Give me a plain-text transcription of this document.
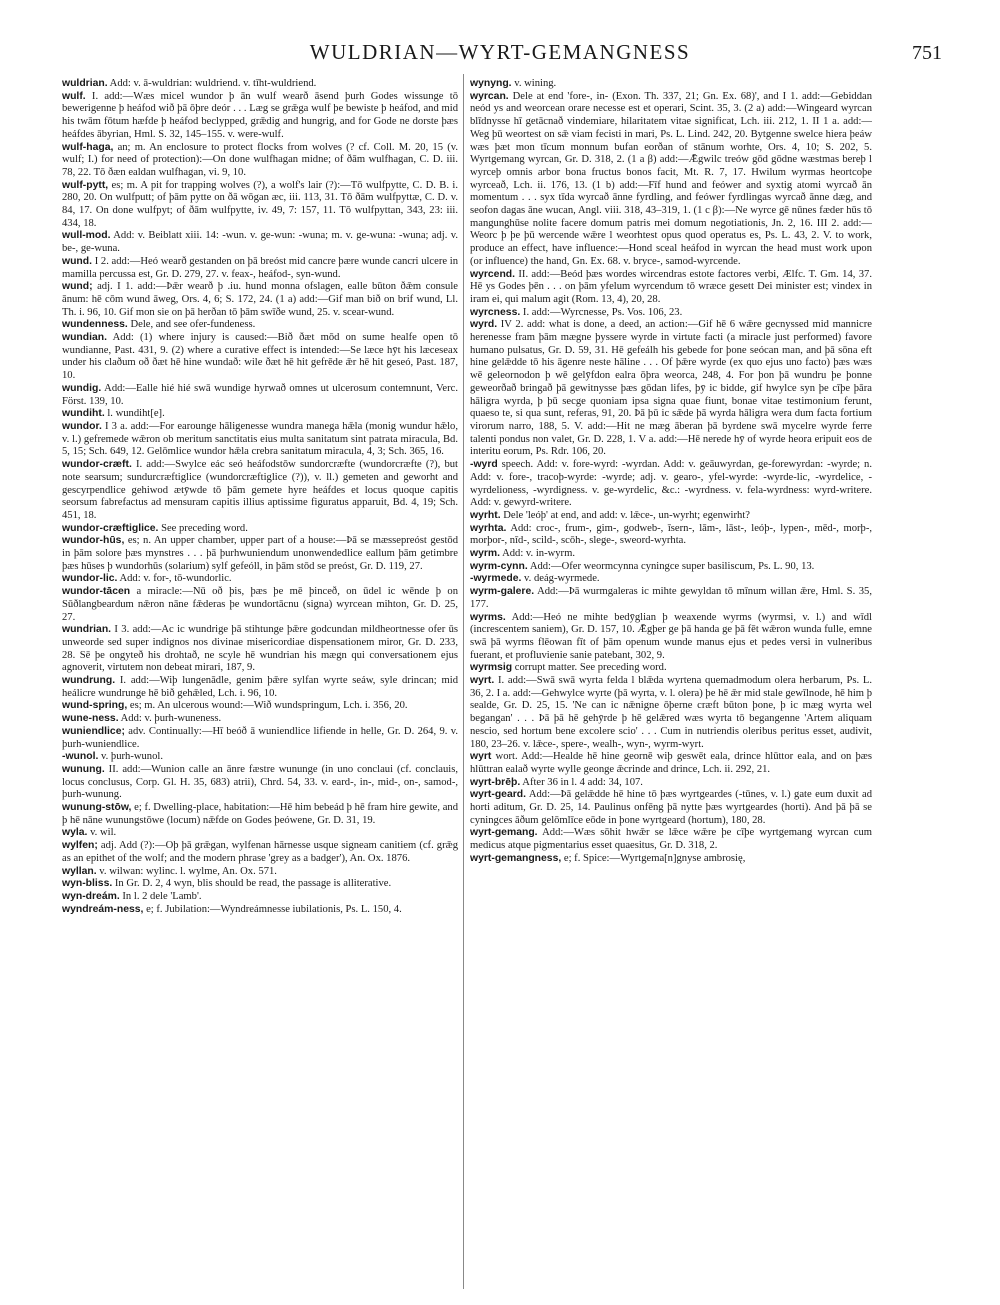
WULDRIAN—WYRT-GEMANGNESS	751
wuldrian. Add: v. ā-wuldrian: wuldriend. v. tīht-wuldriend.
wulf. I. add:—Wæs micel wundor þ ān wulf wearð āsend þurh Godes wissunge tō bewerigenne þ heáfod wið þā ōþre deór . . . Læg se grǣga wulf þe bewiste þ heáfod, and mid his twām fōtum hæfde þ heáfod beclypped, grǣdig and hungrig, and for Gode ne dorste þæs heáfdes ābyrian, Hml. S. 32, 145–155. v. were-wulf.
wulf-haga, an; m. An enclosure to protect flocks from wolves (? cf. Coll. M. 20, 15 (v. wulf; I.) for need of protection):—On done wulfhagan midne; of ðām wulfhagan, C. D. iii. 78, 22. Tō ðæn ealdan wulfhagan, vi. 9, 10.
wulf-pytt, es; m. A pit for trapping wolves (?), a wolf's lair (?):—Tō wulfpytte, C. D. B. i. 280, 20. On wulfputt; of þām pytte on ðā wōgan æc, iii. 113, 31. Tō ðām wulfpyttæ, C. D. v. 84, 17. On done wulfpyt; of ðām wulfpytte, iv. 49, 7: 157, 11. Tō wulfpyttan, 343, 23: iii. 434, 18.
wull-mod. Add: v. Beiblatt xiii. 14: -wun. v. ge-wun: -wuna; m. v. ge-wuna: -wuna; adj. v. be-, ge-wuna.
wund. I 2. add:—Heó wearð gestanden on þā breóst mid cancre þære wunde cancri ulcere in mamilla percussa est, Gr. D. 279, 27. v. feax-, heáfod-, syn-wund.
wund; adj. I 1. add:—Þǣr wearð þ .iu. hund monna ofslagen, ealle būton ðǣm consule ānum: hē cōm wund āweg, Ors. 4, 6; S. 172, 24. (1 a) add:—Gif man bið on brif wund, Ll. Th. i. 96, 10. Gif mon sie on þā herðan tō þām swīðe wund, 25. v. scear-wund.
wundenness. Dele, and see ofer-fundeness.
wundian. Add: (1) where injury is caused:—Bið ðæt mōd on sume healfe open tō wundianne, Past. 431, 9. (2) where a curative effect is intended:—Se læce hȳt his læceseax under his claðum oð ðæt hē hine wundað: wile ðæt hē hit gefrēde ǣr hē hit geseó, Past. 187, 10.
wundig. Add:—Ealle hié hié swā wundige hyrwað omnes ut ulcerosum contemnunt, Verc. Först. 139, 10.
wundiht. l. wundiht[e].
wundor. I 3 a. add:—For earounge hāligenesse wundra manega hǣla (monig wundur hǣlo, v. l.) gefremede wǣron ob meritum sanctitatis eius multa sanitatum sint patrata miracula, Bd. 5, 15; Sch. 649, 12. Gelōmlice wundor hǣla crebra sanitatum miracula, 4, 3; Sch. 365, 16.
wundor-cræft. I. add:—Swylce eác seó heáfodstōw sundorcræfte (wundorcræfte (?), but note searsum; sundurcræftiglice (wundorcræftiglice (?)), v. ll.) gemeten and geworht and gescyrpendlice gehiwod ætȳwde tō þām gemete hyre heáfdes et locus quoque capitis seorsum fabrefactus ad mensuram capitis illius aptissime figuratus apparuit, Bd. 4, 19; Sch. 451, 18.
wundor-cræftiglice. See preceding word.
wundor-hūs, es; n. An upper chamber, upper part of a house:—Þā se mæssepreóst gestōd in þām solore þæs mynstres . . . þā þurhwuniendum unonwendedlice eallum þām getimbre þæs hūses þ wundorhūs (solarium) sylf gefeóll, in þām stōd se preóst, Gr. D. 119, 27.
wundor-lic. Add: v. for-, tō-wundorlic.
wundor-tācen a miracle:—Nū oð þis, þæs þe mē þinceð, on ūdel ic wēnde þ on Sūðlangbeardum nǣron nāne fǣderas þe wundortācnu (signa) wyrcean mihton, Gr. D. 25, 27.
wundrian. I 3. add:—Ac ic wundrige þā stihtunge þǣre godcundan mildheortnesse ofer ūs unweorde sed super indignos nos divinae misericordiae dispensationem miror, Gr. D. 233, 28. Sē þe ongyteð his drohtað, ne scyle hē wundrian his mægn qui conversationem ejus agnoverit, virtutem non debeat mirari, 187, 9.
wundrung. I. add:—Wiþ lungenādle, genim þǣre sylfan wyrte seáw, syle drincan; mid heálicre wundrunge hē bið gehǣled, Lch. i. 96, 10.
wund-spring, es; m. An ulcerous wound:—Wið wundspringum, Lch. i. 356, 20.
wune-ness. Add: v. þurh-wuneness.
wuniendlice; adv. Continually:—Hī beóð ā wuniendlice lifiende in helle, Gr. D. 264, 9. v. þurh-wuniendlice.
-wunol. v. þurh-wunol.
wunung. II. add:—Wunion calle an ānre fæstre wununge (in uno conclaui (cf. conclauis, locus conclusus, Corp. Gl. H. 35, 683) atrii), Chrd. 54, 33. v. eard-, in-, mid-, on-, samod-, þurh-wunung.
wunung-stōw, e; f. Dwelling-place, habitation:—Hē him bebeád þ hē fram hire gewite, and þ hē nāne wunungstōwe (locum) nǣfde on Godes þeówene, Gr. D. 31, 19.
wyla. v. wil.
wylfen; adj. Add (?):—Oþ þā grǣgan, wylfenan hārnesse usque signeam canitiem (cf. grǣg as an epithet of the wolf; and the modern phrase 'grey as a badger'), An. Ox. 1876.
wyllan. v. wilwan: wylinc. l. wylme, An. Ox. 571.
wyn-bliss. In Gr. D. 2, 4 wyn, blis should be read, the passage is alliterative.
wyn-dreám. In l. 2 dele 'Lamb'.
wyndreám-ness, e; f. Jubilation:—Wyndreámnesse iubilationis, Ps. L. 150, 4.
wynyng. v. wining.
wyrcan. Dele at end 'fore-, in- (Exon. Th. 337, 21; Gn. Ex. 68)', and I 1. add:—Gebiddan neód ys and weorcean orare necesse est et operari, Scint. 35, 3. (2 a) add:—Wingeard wyrcan blīdnysse hī getācnað vindemiare, hilaritatem vitae significat, Lch. iii. 212, 1. II 1 a. add:—Weg þū weortest on sǣ viam fecisti in mari, Ps. L. Lind. 242, 20. Bytgenne swelce hiera þeáw wæs þæt mon tīcum monnum bufan eorðan of stānum worhte, Ors. 4, 10; S. 202, 5. Wyrtgemang wyrcan, Gr. D. 318, 2. (1 a β) add:—Ǣgwilc treów gōd gōdne wæstmas bereþ l wyrceþ omnis arbor bona fructus bonos facit, Mt. R. 7, 17. Hwilum wyrmas heortcoþe wyrceað, Lch. ii. 176, 13. (1 b) add:—Fīf hund and feówer and syxtig atomi wyrcað ān momentum . . . syx tīda wyrcað ānne fyrdling, and feówer fyrdlingas wyrcað ānne dæg, and seofon dagas āne wucan, Angl. viii. 318, 43–319, 1. (1 c β):—Ne wyrce gē nūnes fæder hūs tō mangunghūse nolite facere domum patris mei domum negotiationis, Jn. 2, 16. III 2. add:—Weorc þ þe þū wercende wǣre l weorhtest opus quod operatus es, Ps. L. 43, 2. V. to work, produce an effect, have influence:—Hond sceal heáfod in wyrcan the head must work upon (or influence) the hand, Gn. Ex. 68. v. bryce-, samod-wyrcende.
wyrcend. II. add:—Beód þæs wordes wircendras estote factores verbi, Ælfc. T. Gm. 14, 37. Hē ys Godes þēn . . . on þām yfelum wyrcendum tō wræce gesett Dei minister est; vindex in iram ei, qui malum agit (Rom. 13, 4), 20, 28.
wyrcness. I. add:—Wyrcnesse, Ps. Vos. 106, 23.
wyrd. IV 2. add: what is done, a deed, an action:—Gif hē 6 wǣre gecnyssed mid mannicre herenesse fram þām mægne þyssere wyrde in virtute facti (a miracle just performed) favore humano pulsatus, Gr. D. 59, 31. Hē gefeálh his gebede for þone seócan man, and þā sōna eft hine gelǣdde tō his āgenre neste hāline . . . Of þǣre wyrde (ex quo ejus uno facto) þæs wæs wē geleornodon þ wē gelȳfdon ealra ōþra weorca, 248, 4. For þon þā wundru þe þonne geweorðað bringað þā gewitnysse þæs gōdan lifes, þȳ ic bidde, gif hwylce syn þe cīþe þāra hāligra wyrda, þ þū secge quoniam ipsa signa quae fiunt, bonae vitae testimonium ferunt, quaeso te, si qua sunt, referas, 91, 20. Þā þū ic sǣde þā wyrda hāligra wera dum facta fortium virorum narro, 188, 5. V. add:—Hit ne mæg āberan þā byrdene swā mycelre wyrde ferre talenti pondus non valet, Gr. D. 228, 1. V a. add:—Hē nerede hȳ of wyrde heora eripuit eos de interitu eorum, Ps. Rdr. 106, 20.
-wyrd speech. Add: v. fore-wyrd: -wyrdan. Add: v. geāuwyrdan, ge-forewyrdan: -wyrde; n. Add: v. fore-, tracoþ-wyrde: -wyrde; adj. v. gearo-, yfel-wyrde: -wyrde-lic, -wyrdelice, -wyrdelioness, -wyrdigness. v. ge-wyrdelic, &c.: -wyrdness. v. fela-wyrdness: wyrd-writere. Add: v. gewyrd-writere.
wyrht. Dele 'leóþ' at end, and add: v. lǣce-, un-wyrht; egenwirht?
wyrhta. Add: croc-, frum-, gim-, godweb-, īsern-, lām-, lāst-, leóþ-, lypen-, mēd-, morþ-, morþor-, nīd-, scild-, scōh-, slege-, sweord-wyrhta.
wyrm. Add: v. in-wyrm.
wyrm-cynn. Add:—Ofer weormcynna cyningce super basiliscum, Ps. L. 90, 13.
-wyrmede. v. deág-wyrmede.
wyrm-galere. Add:—Þā wurmgaleras ic mihte gewyldan tō mīnum willan ǣre, Hml. S. 35, 177.
wyrms. Add:—Heó ne mihte bedȳglian þ weaxende wyrms (wyrmsi, v. l.) and wīdl (increscentem saniem), Gr. D. 157, 10. Ǣgþer ge þā handa ge þā fēt wǣron wunda fulle, emne swā þā wyrms flēowan fīt of þām openum wunde manus ejus et pedes versi in vulneribus fuerant, et profluvienie sanie patebant, 302, 9.
wyrmsig corrupt matter. See preceding word.
wyrt. I. add:—Swā swā wyrta felda l blǣda wyrtena quemadmodum olera herbarum, Ps. L. 36, 2. I a. add:—Gehwylce wyrte (þā wyrta, v. l. olera) þe hē ǣr mid stale gewīlnode, hē him þ sealde, Gr. D. 25, 15. 'Ne can ic nǣnigne ōþerne cræft būton þone, þ ic mæg wyrta wel begangan' . . . Þā þā hē gehȳrde þ hē gelǣred wæs wyrta tō begangenne 'Artem aliquam nescio, sed hortum bene excolere scio' . . . Cum in nutriendis oleribus peritus esset, audivit, 180, 23–26. v. lǣce-, spere-, wealh-, wyn-, wyrm-wyrt.
wyrt wort. Add:—Healde hē hine geornē wiþ geswēt eala, drince hlūttor eala, and on þæs hlūttran ealað wyrte wylle geonge ǣcrinde and drince, Lch. ii. 292, 21.
wyrt-brēþ. After 36 in l. 4 add: 34, 107.
wyrt-geard. Add:—Þā gelǣdde hē hine tō þæs wyrtgeardes (-tūnes, v. l.) gate eum duxit ad horti aditum, Gr. D. 25, 14. Paulinus onfēng þā nytte þæs wyrtgeardes (horti). And þā þā se cyningces āðum gelōmlīce eōde in þone wyrtgeard (hortum), 180, 28.
wyrt-gemang. Add:—Wæs sōhit hwǣr se lǣce wǣre þe cīþe wyrtgemang wyrcan cum medicus atque pigmentarius esset quaesitus, Gr. D. 318, 2.
wyrt-gemangness, e; f. Spice:—Wyrtgema[n]gnyse ambrosię,
